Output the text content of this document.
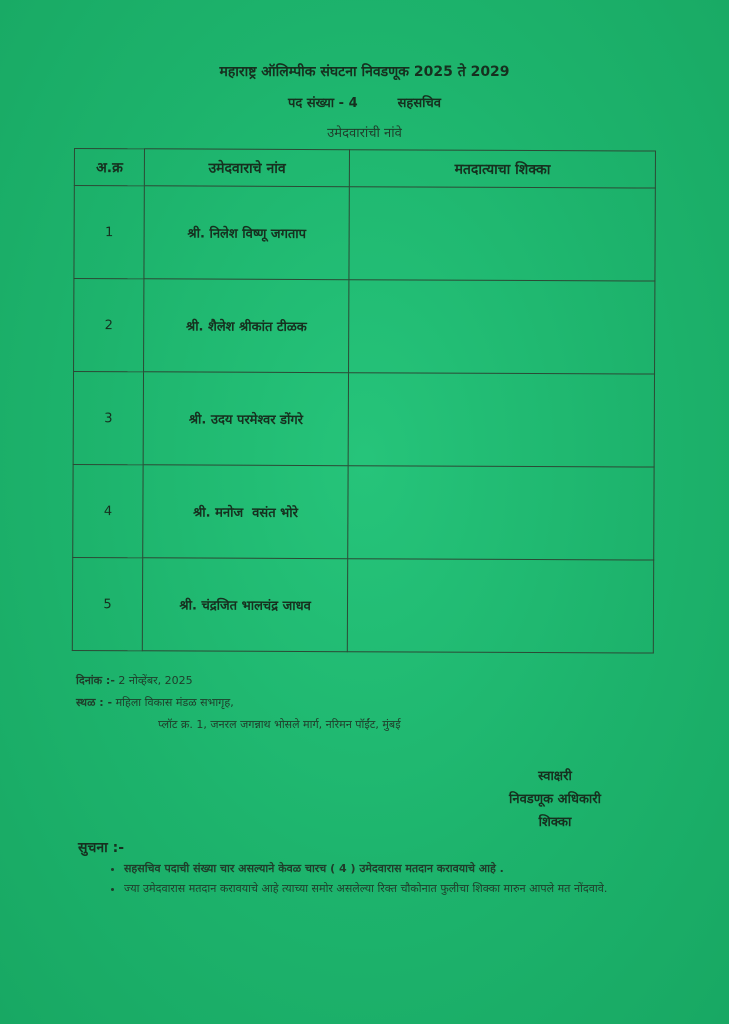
महाराष्ट्र ऑलिम्पीक संघटना निवडणूक 2025 ते 2029
पद संख्या - 4	सहसचिव
उमेदवारांची नांवे
अ.क्र	उमेदवाराचे नांव	मतदात्याचा शिक्का
1	श्री. निलेश विष्णू जगताप	
2	श्री. शैलेश श्रीकांत टीळक	
3	श्री. उदय परमेश्वर डोंगरे	
4	श्री. मनोज  वसंत भोरे	
5	श्री. चंद्रजित भालचंद्र जाधव	
दिनांक :- 2 नोव्हेंबर, 2025
स्थळ : - महिला विकास मंडळ सभागृह,
प्लॉट क्र. 1, जनरल जगन्नाथ भोसले मार्ग, नरिमन पॉईंट, मुंबई
स्वाक्षरी
निवडणूक अधिकारी
शिक्का
सुचना :-
• सहसचिव पदाची संख्या चार असल्याने केवळ चारच ( 4 ) उमेदवारास मतदान करावयाचे आहे .
• ज्या उमेदवारास मतदान करावयाचे आहे त्याच्या समोर असलेल्या रिक्त चौकोनात फुलीचा शिक्का मारुन आपले मत नोंदवावे.
